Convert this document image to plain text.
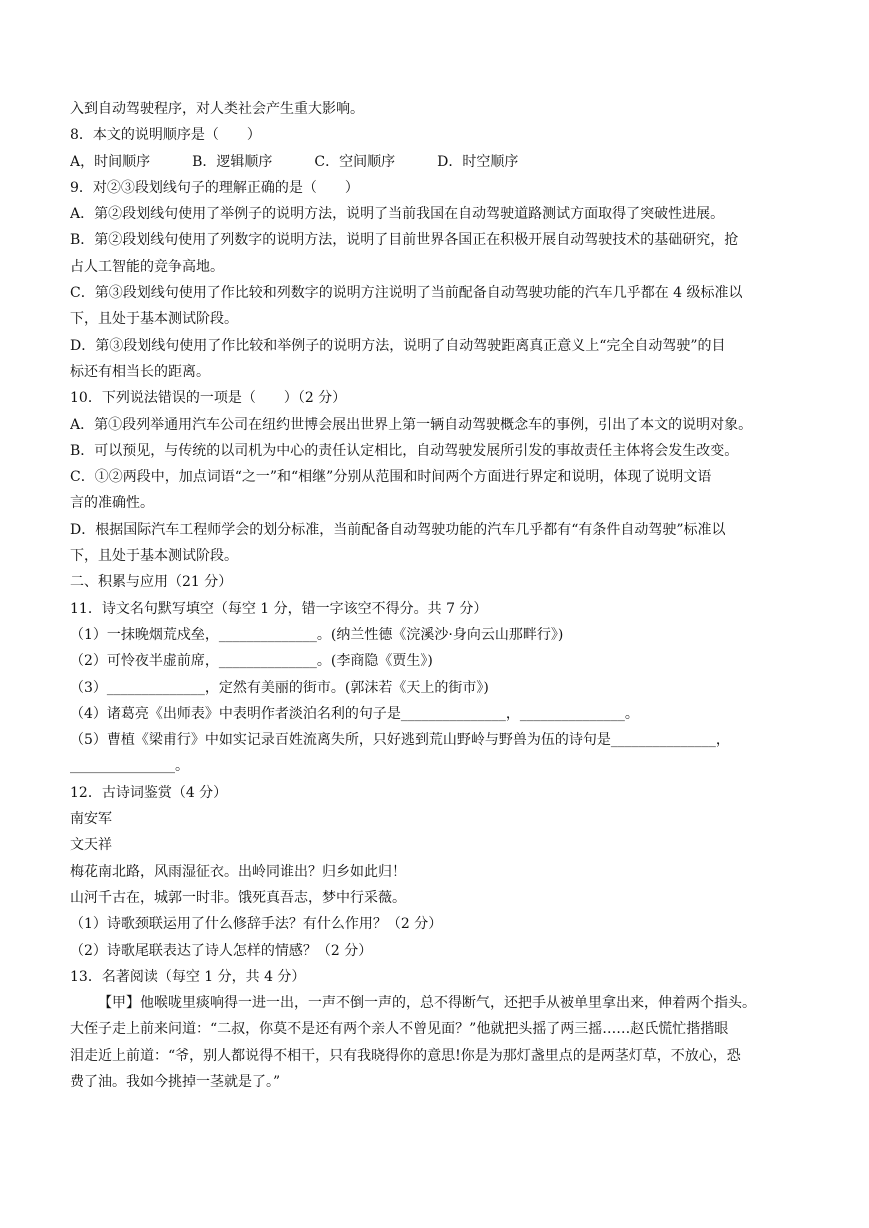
入到自动驾驶程序，对人类社会产生重大影响。
8．本文的说明顺序是（　　）
A，时间顺序　　　B．逻辑顺序　　　C．空间顺序　　　D．时空顺序
9．对②③段划线句子的理解正确的是（　　）
A．第②段划线句使用了举例子的说明方法，说明了当前我国在自动驾驶道路测试方面取得了突破性进展。
B．第②段划线句使用了列数字的说明方法，说明了目前世界各国正在积极开展自动驾驶技术的基础研究，抢
占人工智能的竞争高地。
C．第③段划线句使用了作比较和列数字的说明方注说明了当前配备自动驾驶功能的汽车几乎都在 4 级标准以
下，且处于基本测试阶段。
D．第③段划线句使用了作比较和举例子的说明方法，说明了自动驾驶距离真正意义上“完全自动驾驶”的目
标还有相当长的距离。
10．下列说法错误的一项是（　　）（2 分）
A．第①段列举通用汽车公司在纽约世博会展出世界上第一辆自动驾驶概念车的事例，引出了本文的说明对象。
B．可以预见，与传统的以司机为中心的责任认定相比，自动驾驶发展所引发的事故责任主体将会发生改变。
C．①②两段中，加点词语“之一”和“相继”分别从范围和时间两个方面进行界定和说明，体现了说明文语
言的准确性。
D．根据国际汽车工程师学会的划分标准，当前配备自动驾驶功能的汽车几乎都有“有条件自动驾驶”标准以
下，且处于基本测试阶段。
二、积累与应用（21 分）
11．诗文名句默写填空（每空 1 分，错一字该空不得分。共 7 分）
（1）一抹晚烟荒戍垒，______________。(纳兰性德《浣溪沙·身向云山那畔行》)
（2）可怜夜半虚前席，______________。(李商隐《贾生》)
（3）______________，定然有美丽的街市。(郭沫若《天上的街市》)
（4）诸葛亮《出师表》中表明作者淡泊名利的句子是_______________，_______________。
（5）曹植《梁甫行》中如实记录百姓流离失所，只好逃到荒山野岭与野兽为伍的诗句是_______________，
_______________。
12．古诗词鉴赏（4 分）
南安军
文天祥
梅花南北路，风雨湿征衣。出岭同谁出？归乡如此归！
山河千古在，城郭一时非。饿死真吾志，梦中行采薇。
（1）诗歌颈联运用了什么修辞手法？有什么作用？（2 分）
（2）诗歌尾联表达了诗人怎样的情感？（2 分）
13．名著阅读（每空 1 分，共 4 分）
【甲】他喉咙里痰响得一进一出，一声不倒一声的，总不得断气，还把手从被单里拿出来，伸着两个指头。
大侄子走上前来问道：“二叔，你莫不是还有两个亲人不曾见面？”他就把头摇了两三摇……赵氏慌忙揩揩眼
泪走近上前道：“爷，别人都说得不相干，只有我晓得你的意思!你是为那灯盏里点的是两茎灯草，不放心，恐
费了油。我如今挑掉一茎就是了。”
